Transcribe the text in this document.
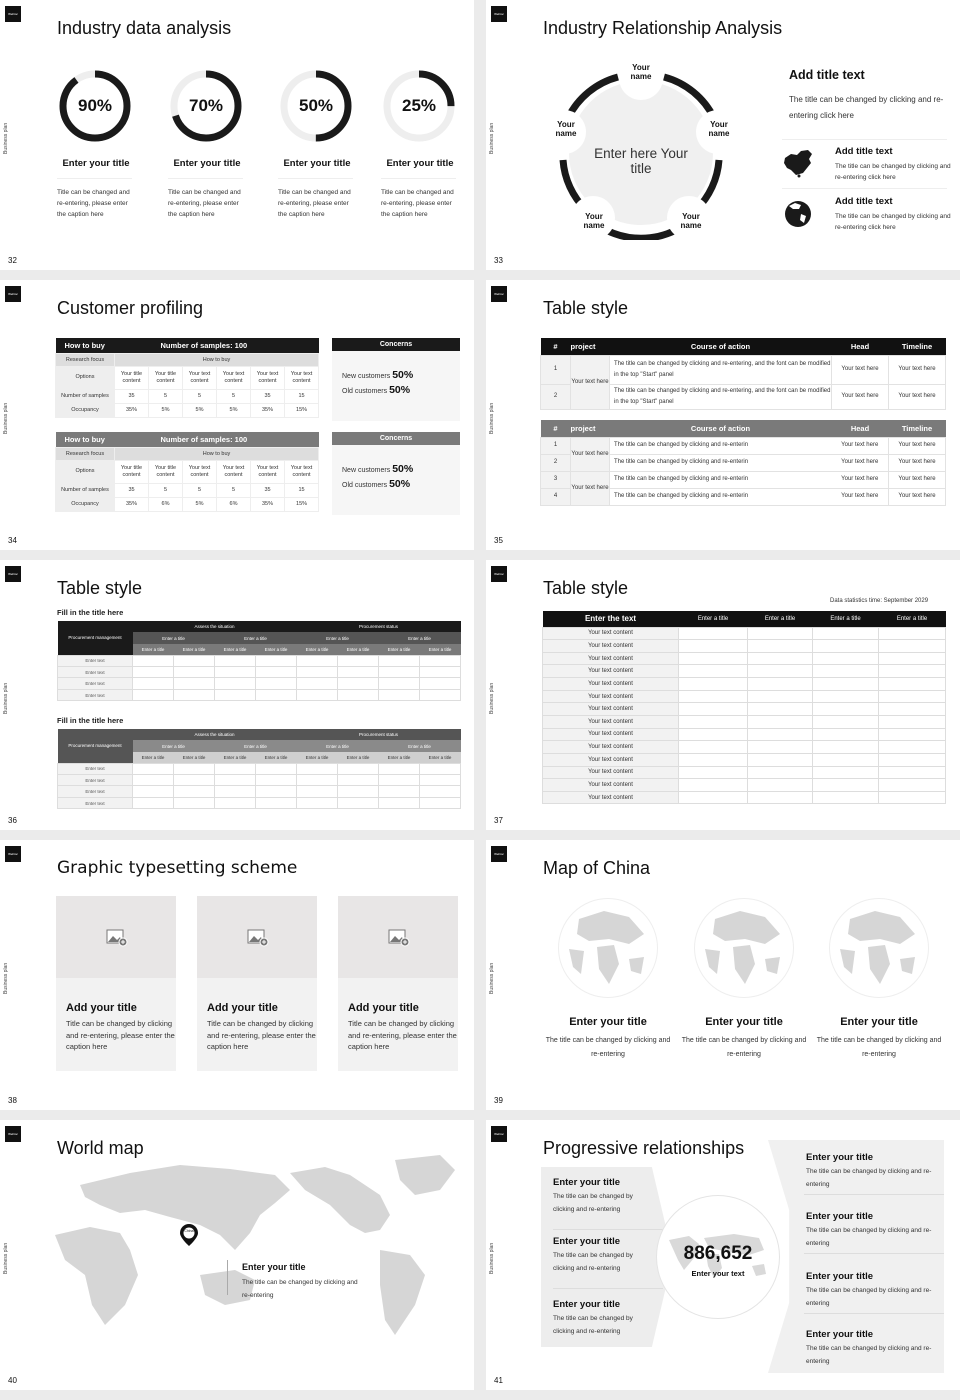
WeDoc
Business plan
32
Industry data analysis
90%
Enter your title
Title can be changed and re-entering, please enter the caption here
70%
Enter your title
Title can be changed and re-entering, please enter the caption here
50%
Enter your title
Title can be changed and re-entering, please enter the caption here
25%
Enter your title
Title can be changed and re-entering, please enter the caption here
WeDoc
Business plan
33
Industry Relationship Analysis
Enter here Your title
Your name
Your name
Your name
Your name
Your name
Add title text
The title can be changed by clicking and re-entering click here
Add title text
The title can be changed by clicking and re-entering click here
Add title text
The title can be changed by clicking and re-entering click here
WeDoc
Business plan
34
Customer profiling
How to buy	Number of samples: 100					
Research focus	How to buy					
Options	Your title content	Your title content	Your text content	Your text content	Your text content	Your text content
Number of samples	35	5	5	5	35	15
Occupancy	35%	5%	5%	5%	35%	15%
Concerns
New customers 50%
Old customers 50%
How to buy	Number of samples: 100					
Research focus	How to buy					
Options	Your title content	Your title content	Your text content	Your text content	Your text content	Your text content
Number of samples	35	5	5	5	35	15
Occupancy	35%	6%	5%	6%	35%	15%
Concerns
New customers 50%
Old customers 50%
WeDoc
Business plan
35
Table style
#	project	Course of action	Head	Timeline
1	Your text here	The title can be changed by clicking and re-entering, and the font can be modified in the top "Start" panel	Your text here	Your text here
2		The title can be changed by clicking and re-entering, and the font can be modified in the top "Start" panel	Your text here	Your text here
#	project	Course of action	Head	Timeline
1	Your text here	The title can be changed by clicking and re-enterin	Your text here	Your text here
2		The title can be changed by clicking and re-enterin	Your text here	Your text here
3	Your text here	The title can be changed by clicking and re-enterin	Your text here	Your text here
4		The title can be changed by clicking and re-enterin	Your text here	Your text here
WeDoc
Business plan
36
Table style
Fill in the title here
Fill in the title here
Procurement management	Assess the situation				Procurement status			
	Enter a title		Enter a title		Enter a title		Enter a title	
	Enter a title	Enter a title	Enter a title	Enter a title	Enter a title	Enter a title	Enter a title	Enter a title
Enter text								
Enter text								
Enter text								
Enter text								
Procurement management	Assess the situation				Procurement status			
	Enter a title		Enter a title		Enter a title		Enter a title	
	Enter a title	Enter a title	Enter a title	Enter a title	Enter a title	Enter a title	Enter a title	Enter a title
Enter text								
Enter text								
Enter text								
Enter text								
WeDoc
Business plan
37
Table style
Data statistics time: September 2029
Enter the text	Enter a title	Enter a title	Enter a title	Enter a title
Your text content				
Your text content				
Your text content				
Your text content				
Your text content				
Your text content				
Your text content				
Your text content				
Your text content				
Your text content				
Your text content				
Your text content				
Your text content				
Your text content				
WeDoc
Business plan
38
Graphic typesetting scheme
Add your title
Title can be changed by clicking and re-entering, please enter the caption here
Add your title
Title can be changed by clicking and re-entering, please enter the caption here
Add your title
Title can be changed by clicking and re-entering, please enter the caption here
WeDoc
Business plan
39
Map of China
Enter your title
The title can be changed by clicking and re-entering
Enter your title
The title can be changed by clicking and re-entering
Enter your title
The title can be changed by clicking and re-entering
WeDoc
Business plan
40
China
Enter your title
The title can be changed by clicking and re-entering
World map
WeDoc
Business plan
41
Progressive relationships
Enter your title
The title can be changed by clicking and re-entering
Enter your title
The title can be changed by clicking and re-entering
Enter your title
The title can be changed by clicking and re-entering
Enter your title
The title can be changed by clicking and re-entering
Enter your title
The title can be changed by clicking and re-entering
Enter your title
The title can be changed by clicking and re-entering
Enter your title
The title can be changed by clicking and re-entering
886,652
Enter your text
